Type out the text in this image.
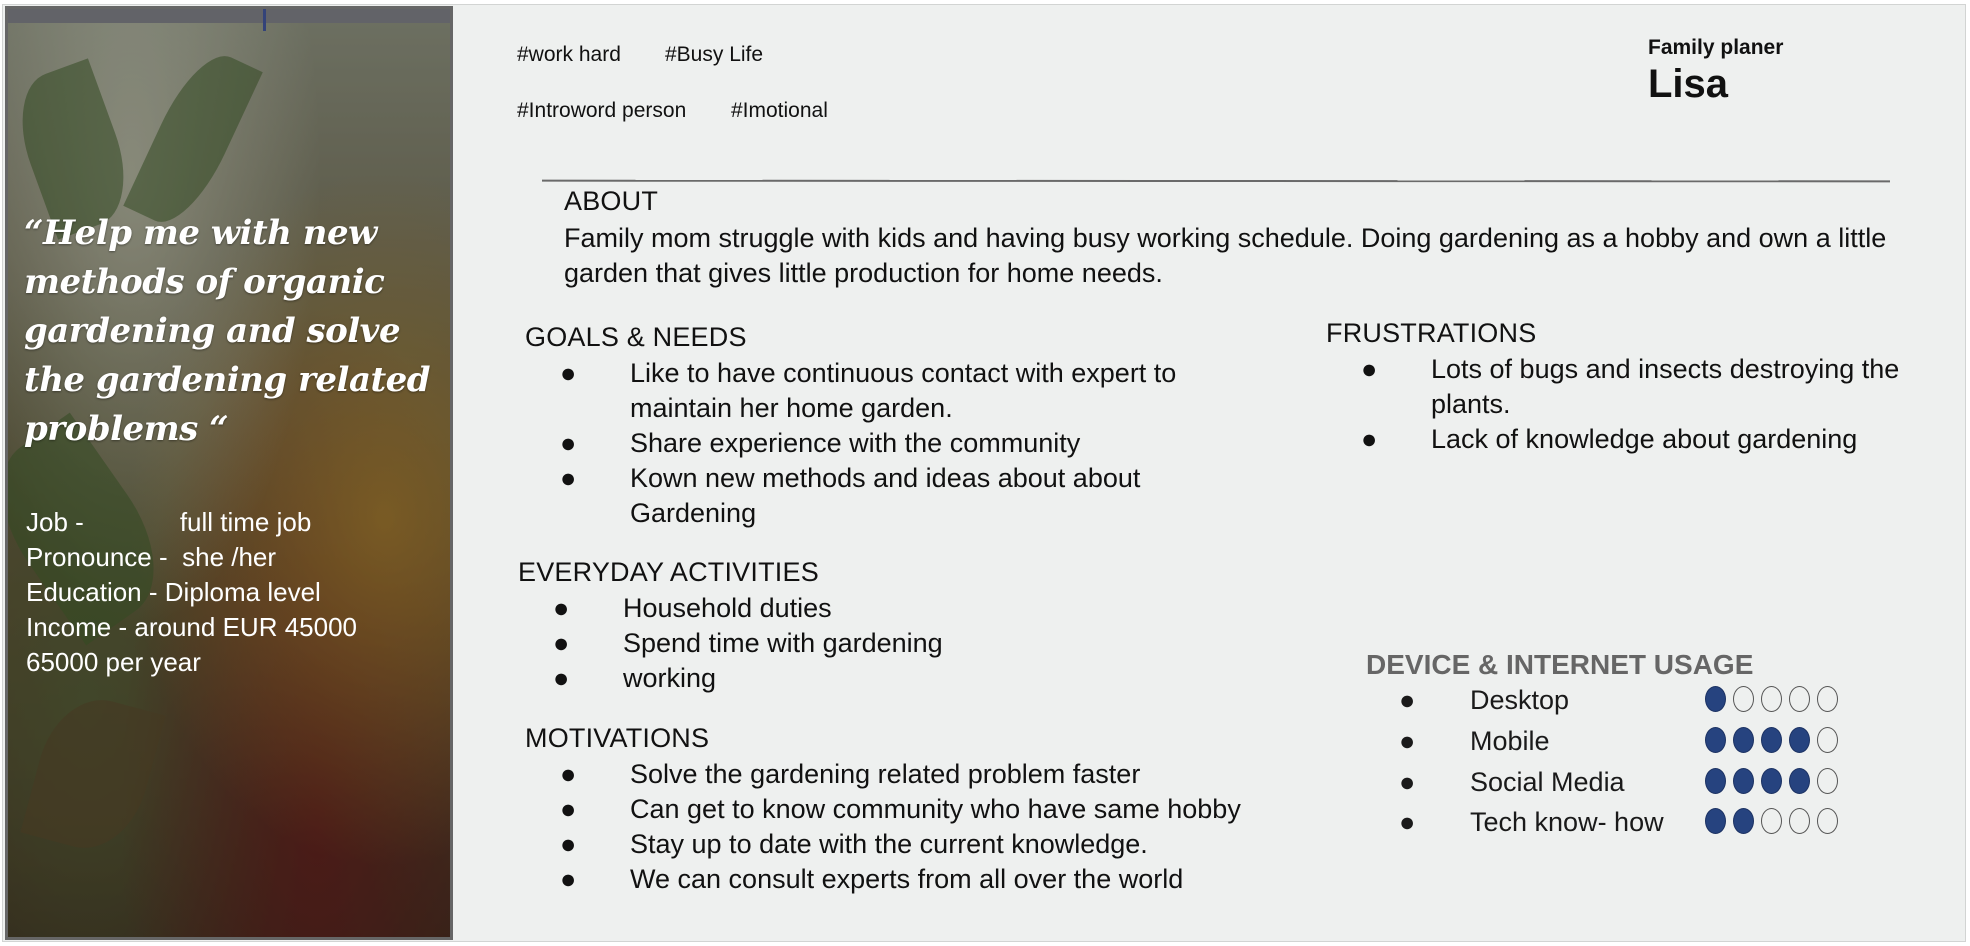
“Help me with new methods of organic gardening and solve the gardening related problems “
Job -	full time job
Pronounce - she /her
Education - Diploma level
Income - around EUR 45000
65000 per year
#work hard #Busy Life
#Introword person #Imotional
Family planer
Lisa
ABOUT
Family mom struggle with kids and having busy working schedule. Doing gardening as a hobby and own a little garden that gives little production for home needs.
GOALS & NEEDS
● Like to have continuous contact with expert to maintain her home garden.
● Share experience with the community
● Kown new methods and ideas about about Gardening
FRUSTRATIONS
● Lots of bugs and insects destroying the plants.
● Lack of knowledge about gardening
EVERYDAY ACTIVITIES
● Household duties
● Spend time with gardening
● working
MOTIVATIONS
● Solve the gardening related problem faster
● Can get to know community who have same hobby
● Stay up to date with the current knowledge.
● We can consult experts from all over the world
DEVICE & INTERNET USAGE
● Desktop
● Mobile
● Social Media
● Tech know- how
